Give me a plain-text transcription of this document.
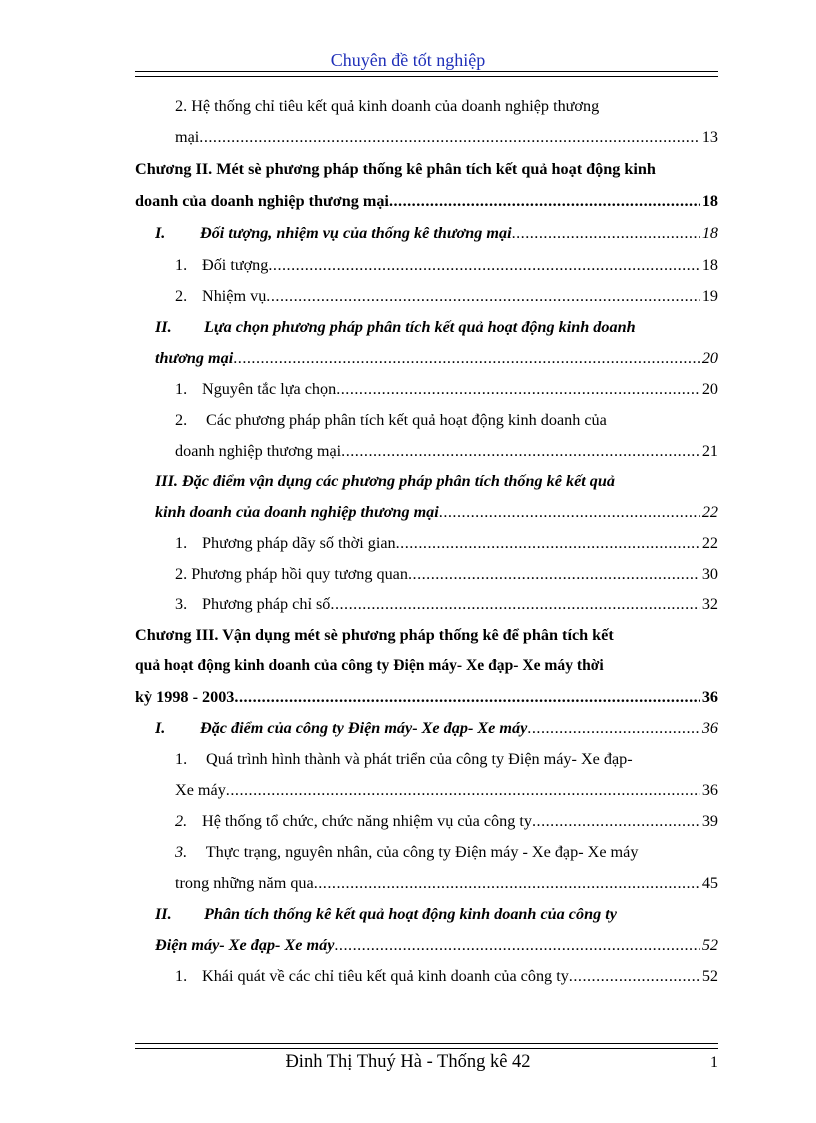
Chuyên đề tốt nghiệp
2. Hệ thống chỉ tiêu kết quả kinh doanh của doanh nghiệp thương
mại .....	13
Chương II. Mét sè phương pháp thống kê phân tích kết quả hoạt động kinh
doanh của doanh nghiệp thương mại .....	18
I.	Đối tượng, nhiệm vụ của thống kê thương mại .....	18
1. Đối tượng .....	18
2. Nhiệm vụ .....	19
II. Lựa chọn phương pháp phân tích kết quả hoạt động kinh doanh
thương mại .....	20
1. Nguyên tắc lựa chọn .....	20
2. Các phương pháp phân tích kết quả hoạt động kinh doanh của
doanh nghiệp thương mại .....	21
III. Đặc điểm vận dụng các phương pháp phân tích thống kê kết quả
kinh doanh của doanh nghiệp thương mại .....	22
1. Phương pháp dãy số thời gian .....	22
2. Phương pháp hồi quy tương quan .....	30
3. Phương pháp chỉ số .....	32
Chương III. Vận dụng mét sè phương pháp thống kê để phân tích kết
quả hoạt động kinh doanh của công ty Điện máy- Xe đạp- Xe máy thời
kỳ 1998 - 2003 .....	36
I.	Đặc điểm của công ty Điện máy- Xe đạp- Xe máy .....	36
1. Quá trình hình thành và phát triển của công ty Điện máy- Xe đạp-
Xe máy .....	36
2. Hệ thống tổ chức, chức năng nhiệm vụ của công ty .....	39
3. Thực trạng, nguyên nhân, của công ty Điện máy - Xe đạp- Xe máy
trong những năm qua .....	45
II. Phân tích thống kê kết quả hoạt động kinh doanh của công ty
Điện máy- Xe đạp- Xe máy .....	52
1. Khái quát về các chỉ tiêu kết quả kinh doanh của công ty .....	52
Đinh Thị Thuý Hà - Thống kê 42	1
